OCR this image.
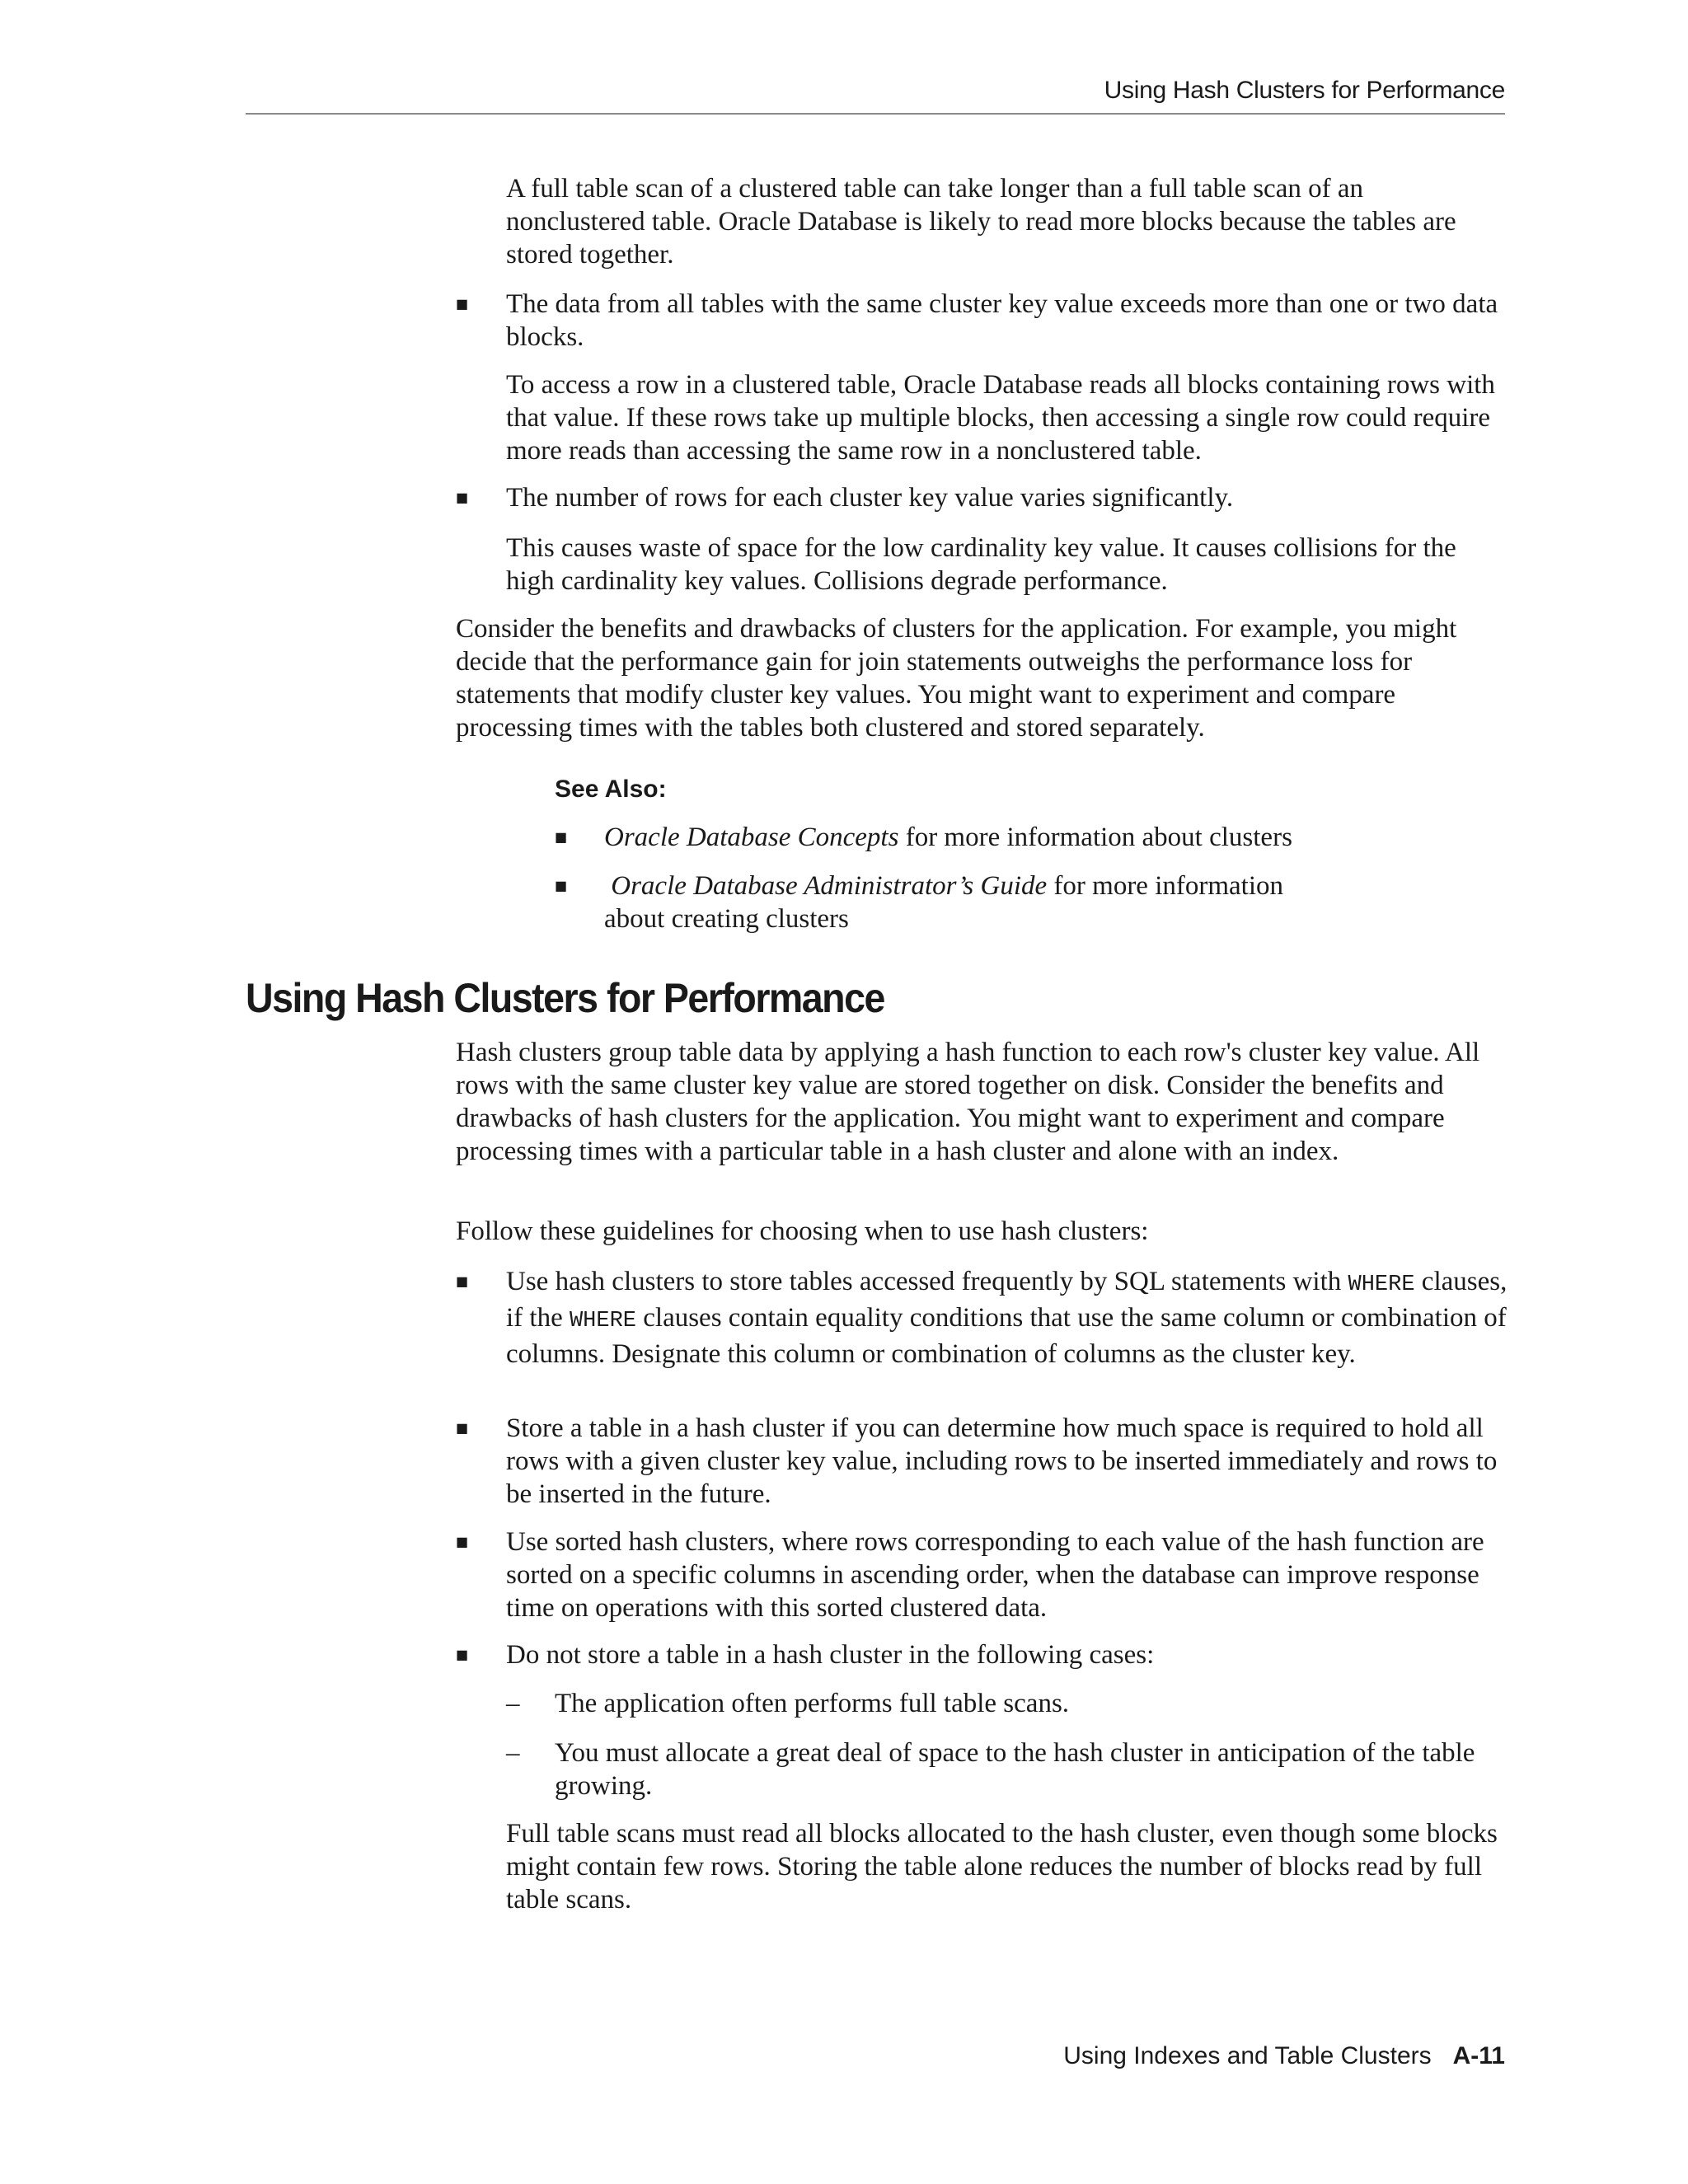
Using Hash Clusters for Performance

A full table scan of a clustered table can take longer than a full table scan of an nonclustered table. Oracle Database is likely to read more blocks because the tables are stored together.

■ The data from all tables with the same cluster key value exceeds more than one or two data blocks.

To access a row in a clustered table, Oracle Database reads all blocks containing rows with that value. If these rows take up multiple blocks, then accessing a single row could require more reads than accessing the same row in a nonclustered table.

■ The number of rows for each cluster key value varies significantly.

This causes waste of space for the low cardinality key value. It causes collisions for the high cardinality key values. Collisions degrade performance.

Consider the benefits and drawbacks of clusters for the application. For example, you might decide that the performance gain for join statements outweighs the performance loss for statements that modify cluster key values. You might want to experiment and compare processing times with the tables both clustered and stored separately.

See Also:
■ Oracle Database Concepts for more information about clusters

■ Oracle Database Administrator’s Guide for more information about creating clusters

Using Hash Clusters for Performance

Hash clusters group table data by applying a hash function to each row's cluster key value. All rows with the same cluster key value are stored together on disk. Consider the benefits and drawbacks of hash clusters for the application. You might want to experiment and compare processing times with a particular table in a hash cluster and alone with an index.

Follow these guidelines for choosing when to use hash clusters:

■ Use hash clusters to store tables accessed frequently by SQL statements with WHERE clauses, if the WHERE clauses contain equality conditions that use the same column or combination of columns. Designate this column or combination of columns as the cluster key.

■ Store a table in a hash cluster if you can determine how much space is required to hold all rows with a given cluster key value, including rows to be inserted immediately and rows to be inserted in the future.

■ Use sorted hash clusters, where rows corresponding to each value of the hash function are sorted on a specific columns in ascending order, when the database can improve response time on operations with this sorted clustered data.

■ Do not store a table in a hash cluster in the following cases:

– The application often performs full table scans.

– You must allocate a great deal of space to the hash cluster in anticipation of the table growing.

Full table scans must read all blocks allocated to the hash cluster, even though some blocks might contain few rows. Storing the table alone reduces the number of blocks read by full table scans.

Using Indexes and Table Clusters A-11
